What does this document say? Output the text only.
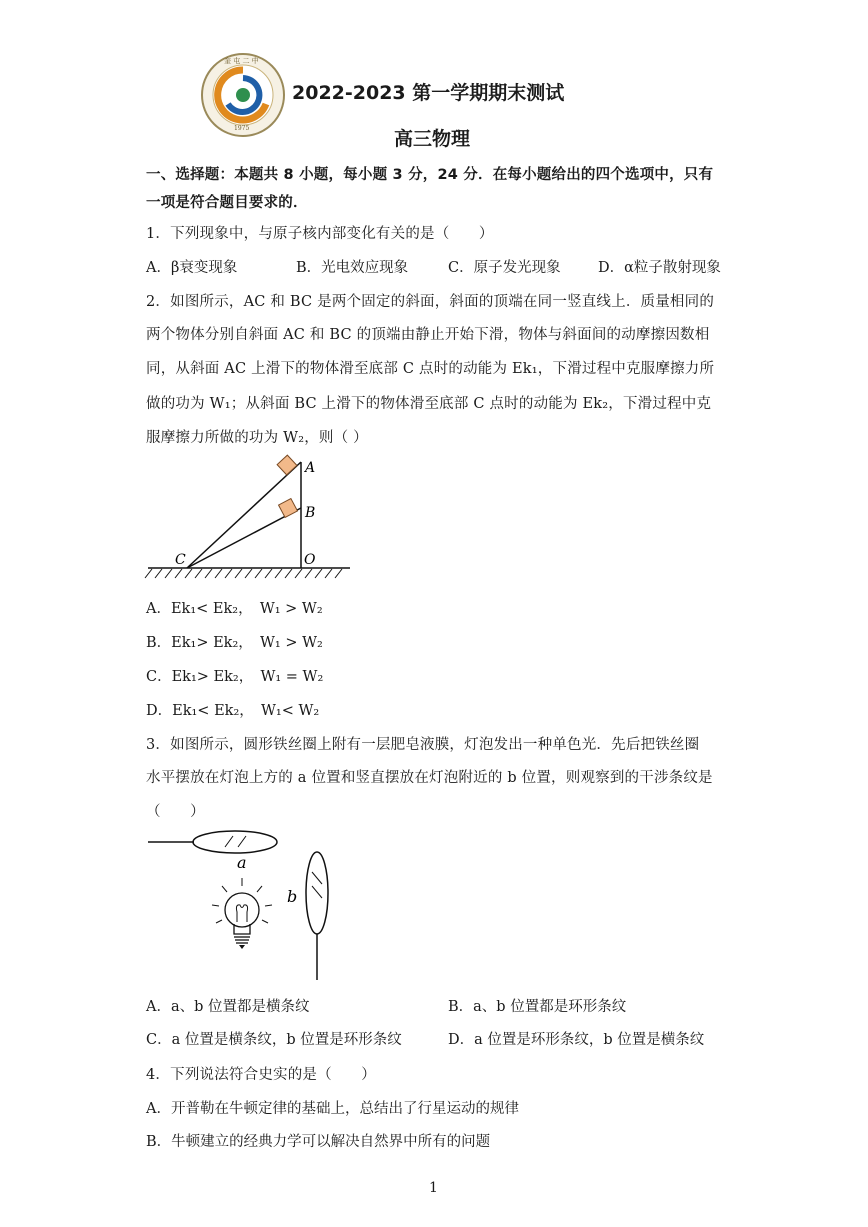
奎 屯 二 中
1975
2022-2023 第一学期期末测试
高三物理
一、选择题：本题共 8 小题，每小题 3 分，24 分．在每小题给出的四个选项中，只有
一项是符合题目要求的．
1．下列现象中，与原子核内部变化有关的是（　　）
A．β衰变现象	B．光电效应现象	C．原子发光现象	D．α粒子散射现象
2．如图所示，AC 和 BC 是两个固定的斜面，斜面的顶端在同一竖直线上．质量相同的
两个物体分别自斜面 AC 和 BC 的顶端由静止开始下滑，物体与斜面间的动摩擦因数相
同，从斜面 AC 上滑下的物体滑至底部 C 点时的动能为 Ek₁，下滑过程中克服摩擦力所
做的功为 W₁；从斜面 BC 上滑下的物体滑至底部 C 点时的动能为 Ek₂，下滑过程中克
服摩擦力所做的功为 W₂，则（ ）
A
B
C	O
A．Ek₁< Ek₂，　W₁ > W₂
B．Ek₁> Ek₂，　W₁ > W₂
C．Ek₁> Ek₂，　W₁ = W₂
D．Ek₁< Ek₂，　W₁< W₂
3．如图所示，圆形铁丝圈上附有一层肥皂液膜，灯泡发出一种单色光．先后把铁丝圈
水平摆放在灯泡上方的 a 位置和竖直摆放在灯泡附近的 b 位置，则观察到的干涉条纹是
（　　）
a
b
A．a、b 位置都是横条纹	B．a、b 位置都是环形条纹
C．a 位置是横条纹，b 位置是环形条纹	D．a 位置是环形条纹，b 位置是横条纹
4．下列说法符合史实的是（　　）
A．开普勒在牛顿定律的基础上，总结出了行星运动的规律
B．牛顿建立的经典力学可以解决自然界中所有的问题
1
